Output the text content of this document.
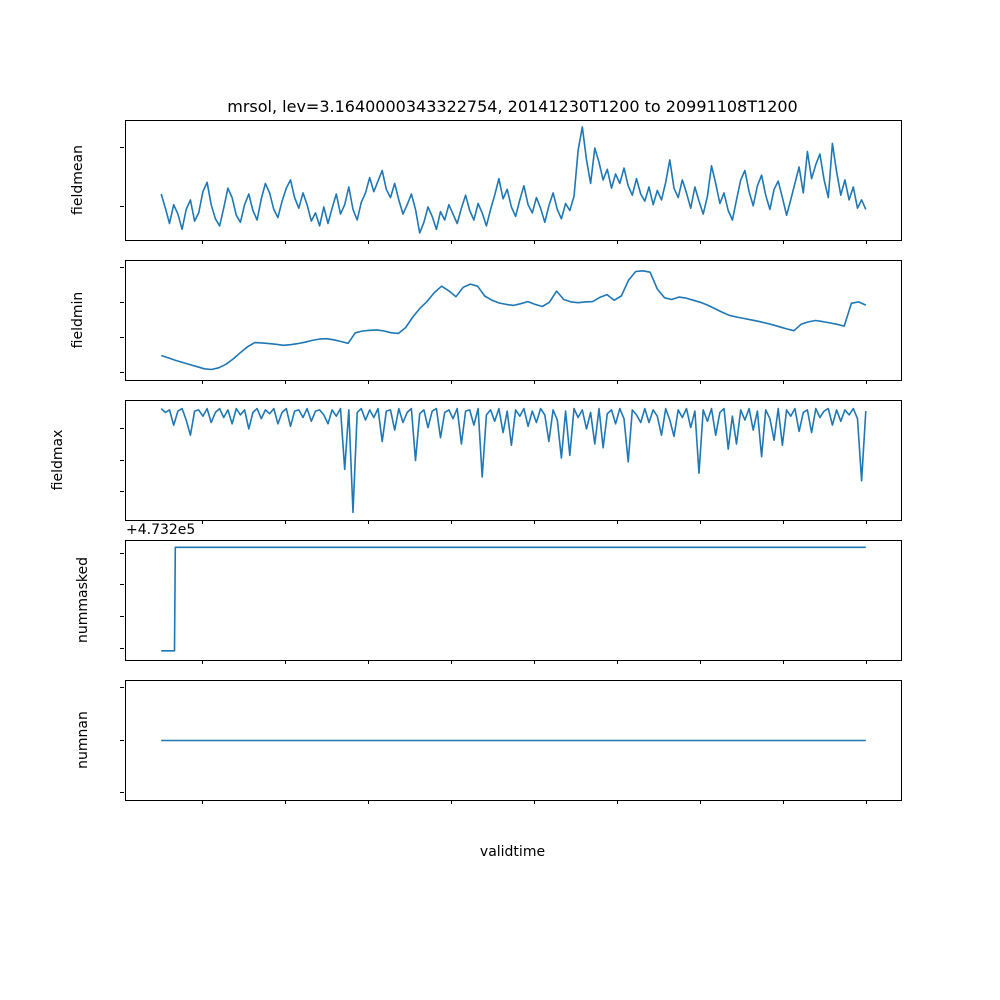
mrsol, lev=3.1640000343322754, 20141230T1200 to 20991108T1200
validtime
fieldmean
fieldmin
fieldmax
nummasked
+4.732e5
numnan
